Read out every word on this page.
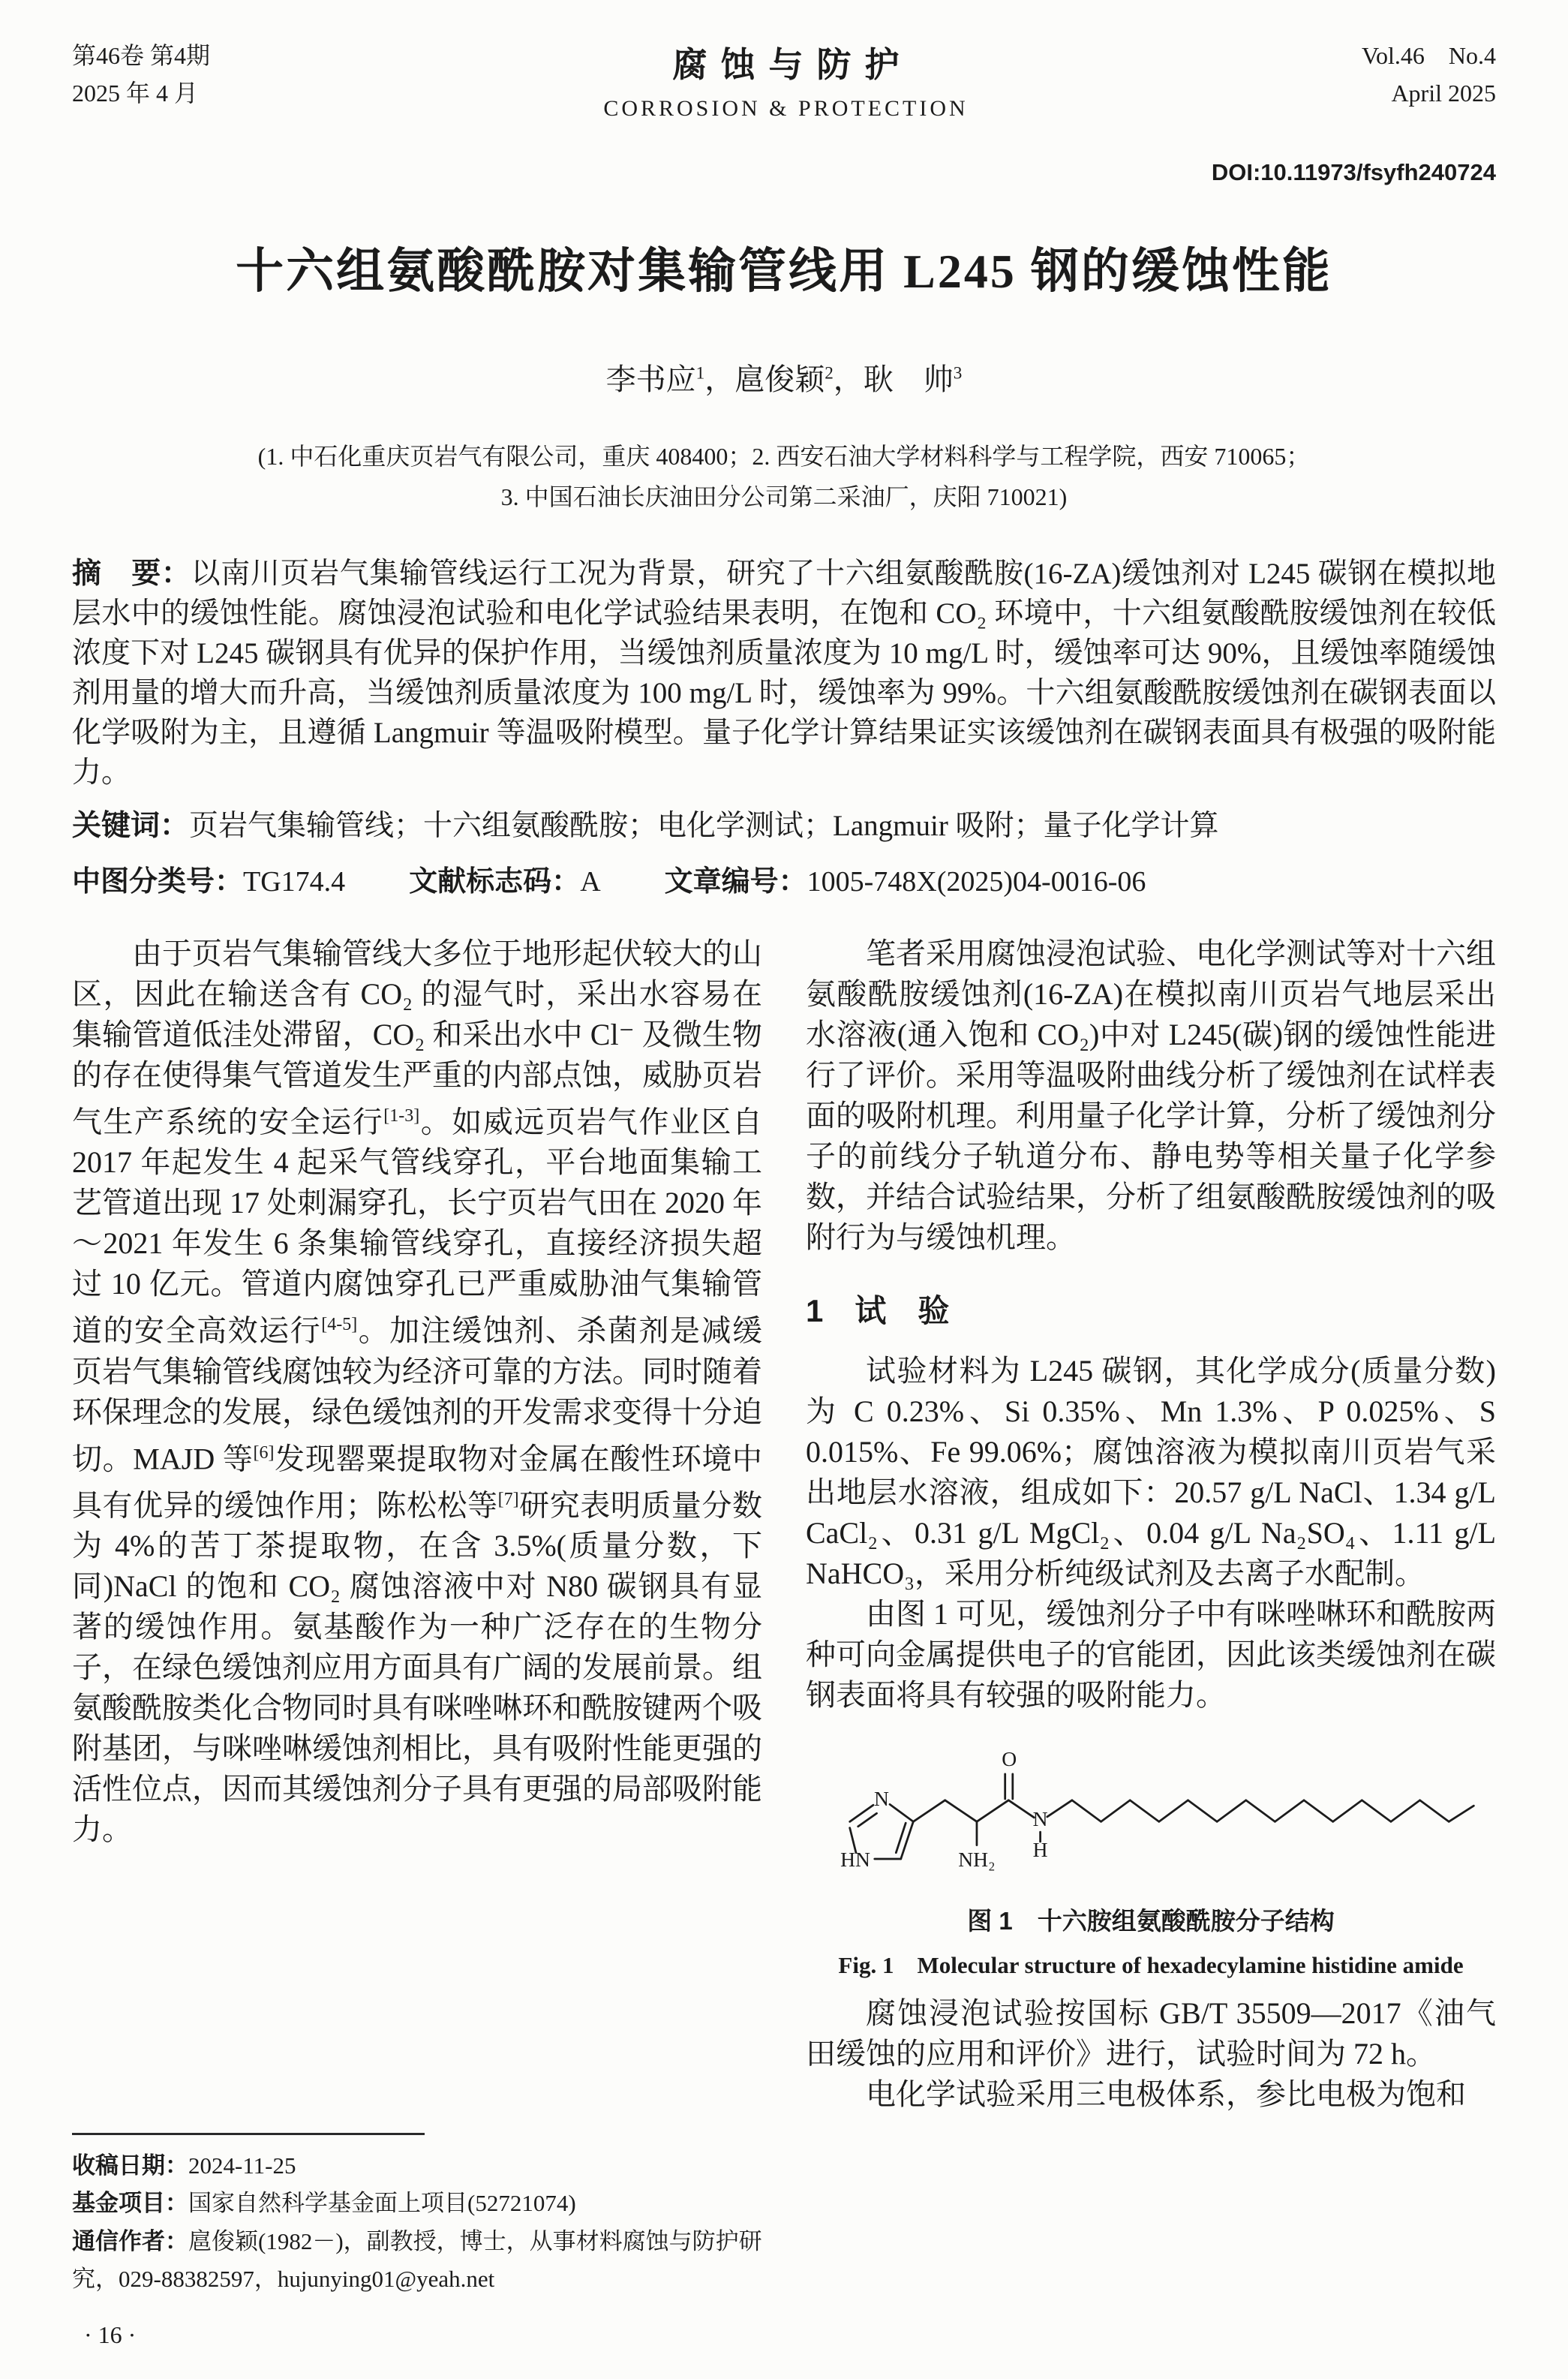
第46卷 第4期
2025 年 4 月
腐蚀与防护
CORROSION & PROTECTION
Vol.46　No.4
April 2025
DOI:10.11973/fsyfh240724
十六组氨酸酰胺对集输管线用 L245 钢的缓蚀性能
李书应$^1$，扈俊颖$^2$，耿　帅$^3$
(1. 中石化重庆页岩气有限公司，重庆 408400；2. 西安石油大学材料科学与工程学院，西安 710065；
3. 中国石油长庆油田分公司第二采油厂，庆阳 710021)

摘　要：以南川页岩气集输管线运行工况为背景，研究了十六组氨酸酰胺(16-ZA)缓蚀剂对 L245 碳钢在模拟地层水中的缓蚀性能。腐蚀浸泡试验和电化学试验结果表明，在饱和 CO₂ 环境中，十六组氨酸酰胺缓蚀剂在较低浓度下对 L245 碳钢具有优异的保护作用，当缓蚀剂质量浓度为 10 mg/L 时，缓蚀率可达 90%，且缓蚀率随缓蚀剂用量的增大而升高，当缓蚀剂质量浓度为 100 mg/L 时，缓蚀率为 99%。十六组氨酸酰胺缓蚀剂在碳钢表面以化学吸附为主，且遵循 Langmuir 等温吸附模型。量子化学计算结果证实该缓蚀剂在碳钢表面具有极强的吸附能力。

关键词：页岩气集输管线；十六组氨酸酰胺；电化学测试；Langmuir 吸附；量子化学计算

中图分类号：TG174.4 文献标志码：A 文章编号：1005-748X(2025)04-0016-06

由于页岩气集输管线大多位于地形起伏较大的山区，因此在输送含有 CO₂ 的湿气时，采出水容易在集输管道低洼处滞留，CO₂ 和采出水中 Cl⁻ 及微生物的存在使得集气管道发生严重的内部点蚀，威胁页岩气生产系统的安全运行[1-3]。如威远页岩气作业区自 2017 年起发生 4 起采气管线穿孔，平台地面集输工艺管道出现 17 处刺漏穿孔，长宁页岩气田在 2020 年～2021 年发生 6 条集输管线穿孔，直接经济损失超过 10 亿元。管道内腐蚀穿孔已严重威胁油气集输管道的安全高效运行[4-5]。加注缓蚀剂、杀菌剂是减缓页岩气集输管线腐蚀较为经济可靠的方法。同时随着环保理念的发展，绿色缓蚀剂的开发需求变得十分迫切。MAJD 等[6]发现罂粟提取物对金属在酸性环境中具有优异的缓蚀作用；陈松松等[7]研究表明质量分数为 4%的苦丁茶提取物，在含 3.5%(质量分数，下同)NaCl 的饱和 CO₂ 腐蚀溶液中对 N80 碳钢具有显著的缓蚀作用。氨基酸作为一种广泛存在的生物分子，在绿色缓蚀剂应用方面具有广阔的发展前景。组氨酸酰胺类化合物同时具有咪唑啉环和酰胺键两个吸附基团，与咪唑啉缓蚀剂相比，具有吸附性能更强的活性位点，因而其缓蚀剂分子具有更强的局部吸附能力。

收稿日期：2024-11-25

基金项目：国家自然科学基金面上项目(52721074)

通信作者：扈俊颖(1982－)，副教授，博士，从事材料腐蚀与防护研究，029-88382597，hujunying01@yeah.net

笔者采用腐蚀浸泡试验、电化学测试等对十六组氨酸酰胺缓蚀剂(16-ZA)在模拟南川页岩气地层采出水溶液(通入饱和 CO₂)中对 L245(碳)钢的缓蚀性能进行了评价。采用等温吸附曲线分析了缓蚀剂在试样表面的吸附机理。利用量子化学计算，分析了缓蚀剂分子的前线分子轨道分布、静电势等相关量子化学参数，并结合试验结果，分析了组氨酸酰胺缓蚀剂的吸附行为与缓蚀机理。

1 试　验

试验材料为 L245 碳钢，其化学成分(质量分数)为 C 0.23%、Si 0.35%、Mn 1.3%、P 0.025%、S 0.015%、Fe 99.06%；腐蚀溶液为模拟南川页岩气采出地层水溶液，组成如下：20.57 g/L NaCl、1.34 g/L CaCl₂、0.31 g/L MgCl₂、0.04 g/L Na₂SO₄、1.11 g/L NaHCO₃，采用分析纯级试剂及去离子水配制。

由图 1 可见，缓蚀剂分子中有咪唑啉环和酰胺两种可向金属提供电子的官能团，因此该类缓蚀剂在碳钢表面将具有较强的吸附能力。

N
HN	NH₂
O
N
H
图 1　十六胺组氨酸酰胺分子结构
Fig. 1　Molecular structure of hexadecylamine histidine amide

腐蚀浸泡试验按国标 GB/T 35509—2017《油气田缓蚀的应用和评价》进行，试验时间为 72 h。

电化学试验采用三电极体系，参比电极为饱和

· 16 ·
